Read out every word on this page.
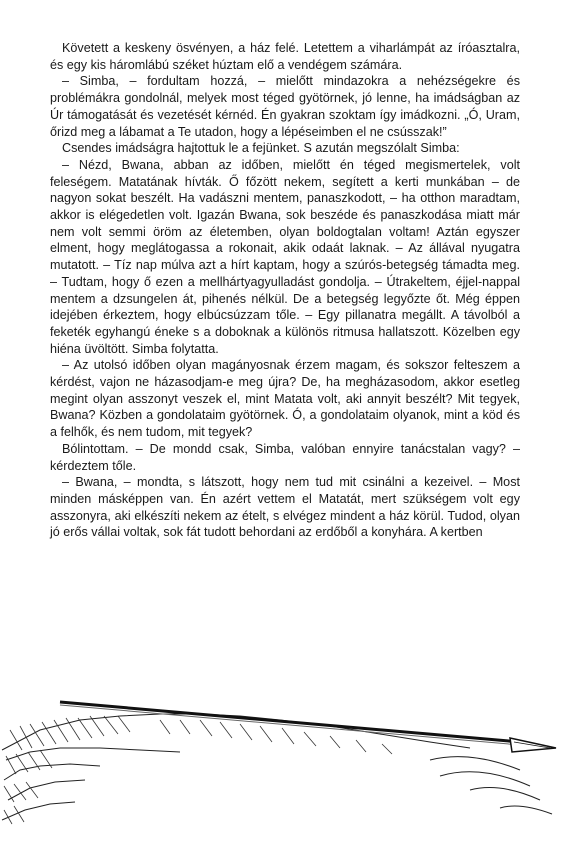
Követett a keskeny ösvényen, a ház felé. Letettem a viharlámpát az íróasztalra, és egy kis háromlábú széket húztam elő a vendégem számára.

– Simba, – fordultam hozzá, – mielőtt mindazokra a nehézségekre és problémákra gondolnál, melyek most téged gyötörnek, jó lenne, ha imádságban az Úr támogatását és vezetését kérnéd. Én gyakran szoktam így imádkozni. „Ó, Uram, őrizd meg a lábamat a Te utadon, hogy a lépéseimben el ne csússzak!”

Csendes imádságra hajtottuk le a fejünket. S azután megszólalt Simba:

– Nézd, Bwana, abban az időben, mielőtt én téged megismertelek, volt feleségem. Matatának hívták. Ő főzött nekem, segített a kerti munkában – de nagyon sokat beszélt. Ha vadászni mentem, panaszkodott, – ha otthon maradtam, akkor is elégedetlen volt. Igazán Bwana, sok beszéde és panaszkodása miatt már nem volt semmi öröm az életemben, olyan boldogtalan voltam! Aztán egyszer elment, hogy meglátogassa a rokonait, akik odaát laknak. – Az állával nyugatra mutatott. – Tíz nap múlva azt a hírt kaptam, hogy a szúrós-betegség támadta meg. – Tudtam, hogy ő ezen a mellhártyagyulladást gondolja. – Útrakeltem, éjjel-nappal mentem a dzsungelen át, pihenés nélkül. De a betegség legyőzte őt. Még éppen idejében érkeztem, hogy elbúcsúzzam tőle. – Egy pillanatra megállt. A távolból a feketék egyhangú éneke s a doboknak a különös ritmusa hallatszott. Közelben egy hiéna üvöltött. Simba folytatta.

– Az utolsó időben olyan magányosnak érzem magam, és sokszor felteszem a kérdést, vajon ne házasodjam-e meg újra? De, ha megházasodom, akkor esetleg megint olyan asszonyt veszek el, mint Matata volt, aki annyit beszélt? Mit tegyek, Bwana? Közben a gondolataim gyötörnek. Ó, a gondolataim olyanok, mint a köd és a felhők, és nem tudom, mit tegyek?

Bólintottam. – De mondd csak, Simba, valóban ennyire tanácstalan vagy? – kérdeztem tőle.

– Bwana, – mondta, s látszott, hogy nem tud mit csinálni a kezeivel. – Most minden másképpen van. Én azért vettem el Matatát, mert szükségem volt egy asszonyra, aki elkészíti nekem az ételt, s elvégez mindent a ház körül. Tudod, olyan jó erős vállai voltak, sok fát tudott behordani az erdőből a konyhára. A kertben
